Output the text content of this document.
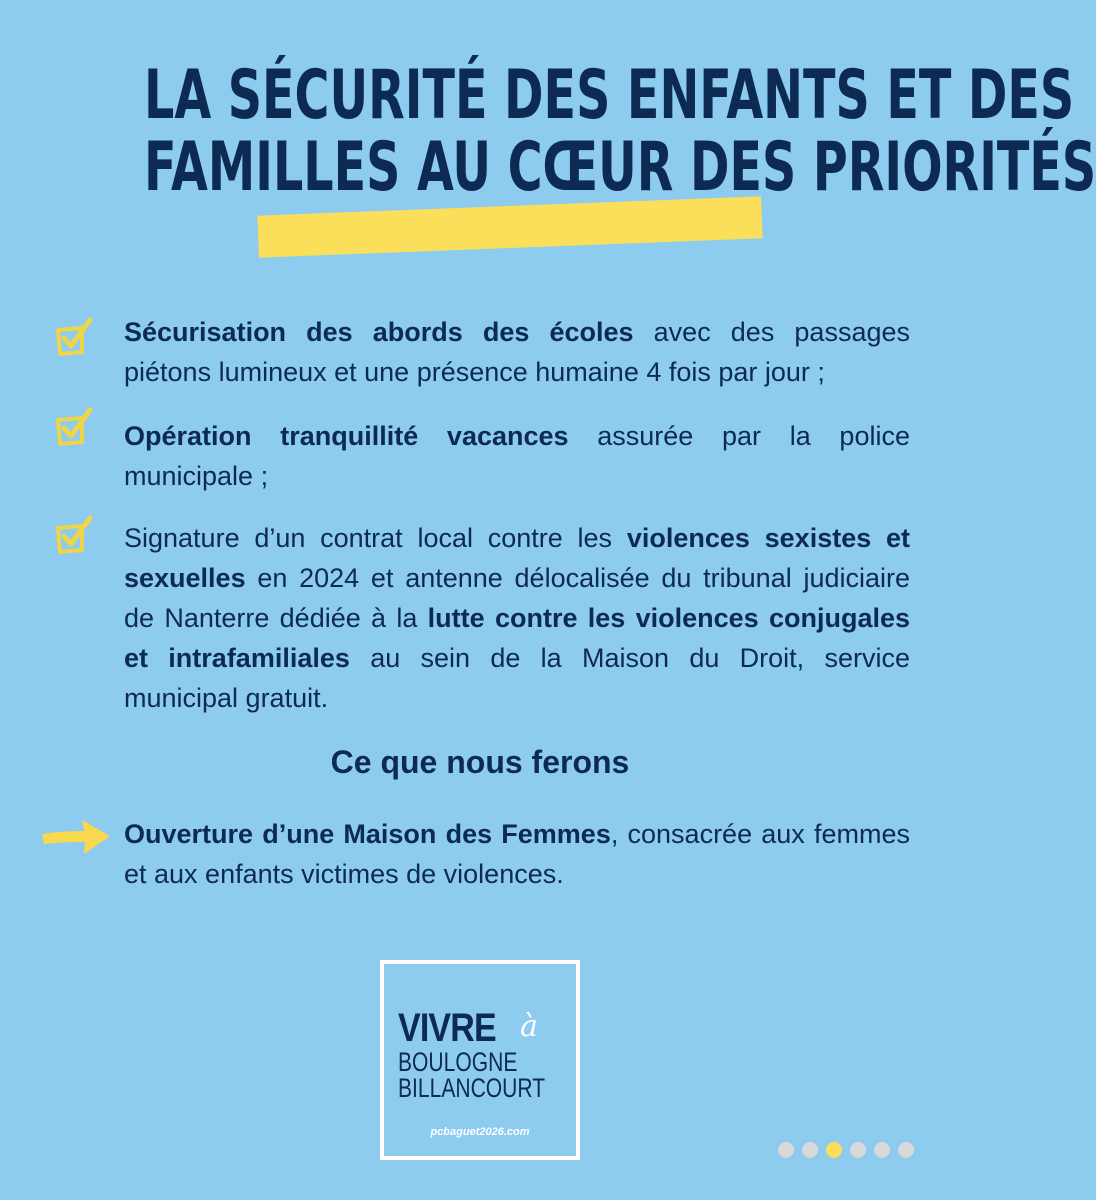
LA SÉCURITÉ DES ENFANTS ET DES
FAMILLES AU CŒUR DES PRIORITÉS

Sécurisation des abords des écoles avec des passages piétons lumineux et une présence humaine 4 fois par jour ;

Opération tranquillité vacances assurée par la police municipale ;

Signature d’un contrat local contre les violences sexistes et sexuelles en 2024 et antenne délocalisée du tribunal judiciaire de Nanterre dédiée à la lutte contre les violences conjugales et intrafamiliales au sein de la Maison du Droit, service municipal gratuit.

Ce que nous ferons

Ouverture d’une Maison des Femmes, consacrée aux femmes et aux enfants victimes de violences.

VIVRE à
BOULOGNE
BILLANCOURT
pcbaguet2026.com
